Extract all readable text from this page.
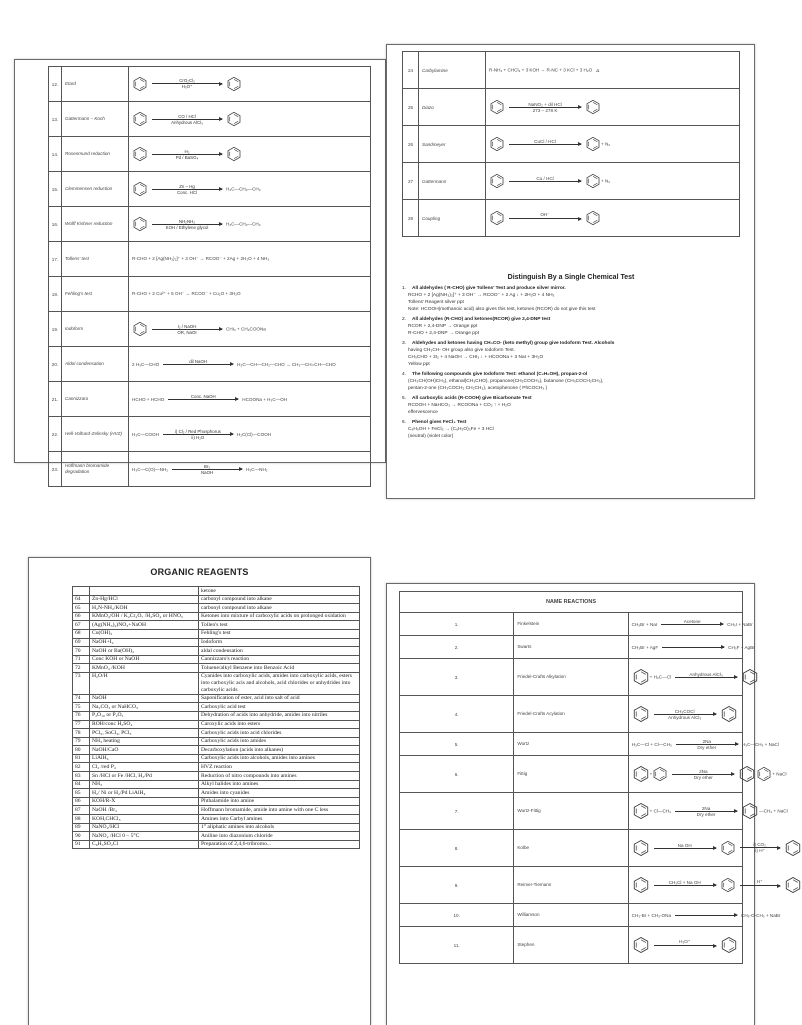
12.	Etard	CrO₂Cl₂
H₃O⁺

13.	Gattermann – Koch	CO / HCl
Anhydrous AlCl₃

14.	Rosenmund reduction	H₂
Pd / BaSO₄

15.	Clemmensen reduction	Zn – Hg
Conc. HCl
H₃C—CH₂—CH₃
16.	Wolff Kishner reduction	NH₂NH₂
KOH / Ethylene glycol
H₃C—CH₂—CH₃
17.	Tollens' test	R-CHO + 2 [Ag(NH₃)₂]⁺ + 3 OH⁻ → RCOO⁻ + 2Ag + 2H₂O + 4 NH₃
18.	Fehling's test	R-CHO + 2 Cu²⁺ + 5 OH⁻ → RCOO⁻ + Cu₂O + 3H₂O
19.	Iodoform	I₂ / NaOH
OR, NaOI
CHI₃ + CH₃COONa
20.	Aldol condensation	2 H₃C—CHO
dil NaOH
H₃C—CH—CH₂—CHO → CH₃—CH=CH—CHO
21.	Cannizzaro	HCHO + HCHO
Conc. NaOH
HCOONa + H₃C—OH
22.	Hell-Volhard-Zelinsky (HVZ)	H₃C—COOH
i) Cl₂ / Red Phosphorus
ii) H₂O
H₂C(Cl)—COOH
23.	Hoffmann bromamide degradation	H₃C—C(O)—NH₂
Br₂
NaOH
H₃C—NH₂
24	Carbylamine	R-NH₂ + CHCl₃ + 3 KOH → R-NC + 3 KCl + 3 H₂O Δ
25	Diazo	NaNO₂ + dil HCl
273 – 278 K

26	Sandmeyer	CuCl / HCl
+ N₂
27	Gattermann	Cu / HCl
+ N₂
28	Coupling	OH⁻
Distinguish By a Single Chemical Test
1. All aldehydes ( R-CHO) give Tollens' Test and produce silver mirror.
RCHO + 2 [Ag(NH₃)₂]⁺ + 3 OH⁻ → RCOO⁻ + 2 Ag ↓ + 2H₂O + 4 NH₃
Tollens' Reagent silver ppt
Note: HCOOH(methanoic acid) also gives this test, ketones (RCOR) do not give this test
2. All aldehydes (R-CHO) and ketones(RCOR) give 2,4-DNP test
RCOR + 2,4-DNP → Orange ppt
R-CHO + 2,4-DNP → Orange ppt
3. Aldehydes and ketones having CH₃CO- (keto methyl) group give Iodoform Test. Alcohols
having CH₃CH- OH group also give Iodoform Test.
CH₃CHO + 3I₂ + 4 NaOH → CHI₃ ↓ + HCOONa + 3 NaI + 3H₂O
Yellow ppt
4. The following compounds give Iodoform Test: ethanol (C₂H₅OH), propan-2-ol
(CH₃CH(OH)CH₃), ethanal(CH₃CHO), propanone(CH₃COCH₃), butanone (CH₃COCH₂CH₃),
pentan-2-one (CH₃COCH₂ CH₂CH₃), acetophenone ( PhCOCH₃ )
5. All carboxylic acids (R-COOH) give Bicarbonate Test
RCOOH + NaHCO₃ → RCOONa + CO₂ ↑ + H₂O
effervescence
6. Phenol gives FeCl₃ Test
C₆H₅OH + FeCl₃ → (C₆H₅O)₃Fe + 3 HCl
(neutral) (violet color)
ORGANIC REAGENTS
		ketone
64	Zn-Hg/HCl	carbonyl compound into alkane
65	H₂N-NH₂/KOH	carbonyl compound into alkane
66	KMnO₄/OH / K₂Cr₂O₇ /H₂SO₄ or HNO₃	Ketones into mixture of carboxylic acids on prolonged oxidation
67	(Ag(NH₃)₂)NO₃+NaOH	Tollen's test
68	Cu(OH)₂	Fehling's test
69	NaOH+I₂	Iodoform
70	NaOH or Ba(OH)₂	aldal condensation
71	Conc KOH or NaOH	Cannizzaro's reaction
72	KMnO₄ /KOH	Toluene/alkyl Benzene into Benzoic Acid
73	H₂O/H	Cyanides into carboxylic acids, amides into carboxylic acids, esters into carboxylic acis and alcohols, acid chlorides or anhydrides into carboxylic acids
74	NaOH	Saponification of ester, acid into salt of acid
75	Na₂CO₃ or NaHCO₃	Carboxylic acid test
76	P₂O₁₀ or P₂O₅	Dehydration of acids into anhydride, amides into nitriles
77	ROH/conc H₂SO₄	Caroxylic acids into esters
78	PCl₅, SoCl₂, PCl₃	Carboxylic acids into acid chlorides
79	NH₃ heating	Carboxylic acids into amides
80	NaOH/CaO	Decarboxylation (acids into alkanes)
81	LiAlH₄	Carboxylic acids into alcohols, amides into amines
82	Cl₂ /red P₄	HVZ reaction
83	Sn /HCl or Fe /HCl, H₂/Pd	Reduction of nitro compounds into amines
84	NH₃	Alkyl halides into amines
85	H₂/ Ni or H₂/Pd LiAlH₄	Amides into cyanides
86	KOH/R-X	Phthalamide into amine
87	NaOH /Br₂	Hoffmann bromamide, amide into amine with one C less
88	KOH,CHCl₃	Amines into Carbyl amines
89	NaNO₂/HCl	1° aliphatic amines into alcohols
90	NaNO₂ /HCl 0 – 5°C	Aniline into diazonium chloride
91	C₆H₅SO₂Cl	Preparation of 2,4,6-tribromo...
NAME REACTIONS		
1.	Finkelstein	CH₃Br + NaI
Acetone
CH₃I + NaBr
2.	Swarts	CH₃Br + AgF CH₃F + AgBr
3.	Friedel-Crafts Alkylation	+ H₃C—Cl
Anhydrous AlCl₃

4.	Friedel-Crafts Acylation	CH₃COCl
Anhydrous AlCl₃

5.	Wurtz	H₃C—Cl + Cl—CH₃
2Na
Dry ether
H₃C—CH₃ + NaCl
6.	Fittig	+
2Na
Dry ether
+ NaCl
7.	Wurtz-Fittig	+ Cl—CH₃
2Na
Dry ether
—CH₃ + NaCl
8.	Kolbe	Na OH $\frac{\text{i) CO₂}}{ii) H^+}$

9.	Reimer-Tiemann	CH₃Cl + Na OH H⁺

10.	Williamson	CH₃-Br + CH₃-ONa CH₃-O-CH₃ + NaBr
11.	Stephen	H₃O⁺
